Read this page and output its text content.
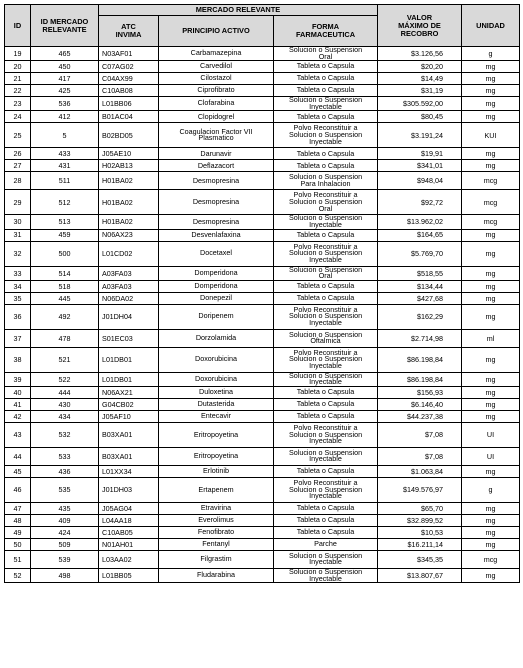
ID	ID MERCADO
RELEVANTE	MERCADO RELEVANTE			VALOR
MÁXIMO DE
RECOBRO	UNIDAD
		ATC
INVIMA	PRINCIPIO ACTIVO	FORMA
FARMACEUTICA		
19	465	N03AF01	Carbamazepina	Solucion o Suspension
Oral	$3.126,56	g
20	450	C07AG02	Carvedilol	Tableta o Capsula	$20,20	mg
21	417	C04AX99	Cilostazol	Tableta o Capsula	$14,49	mg
22	425	C10AB08	Ciprofibrato	Tableta o Capsula	$31,19	mg
23	536	L01BB06	Clofarabina	Solucion o Suspension
Inyectable	$305.592,00	mg
24	412	B01AC04	Clopidogrel	Tableta o Capsula	$80,45	mg
25	5	B02BD05	Coagulacion Factor VII
Plasmatico	Polvo Reconstituir a
Solucion o Suspension
Inyectable	$3.191,24	KUI
26	433	J05AE10	Darunavir	Tableta o Capsula	$19,91	mg
27	431	H02AB13	Deflazacort	Tableta o Capsula	$341,01	mg
28	511	H01BA02	Desmopresina	Solucion o Suspension
Para Inhalacion	$948,04	mcg
29	512	H01BA02	Desmopresina	Polvo Reconstituir a
Solucion o Suspension
Oral	$92,72	mcg
30	513	H01BA02	Desmopresina	Solucion o Suspension
Inyectable	$13.962,02	mcg
31	459	N06AX23	Desvenlafaxina	Tableta o Capsula	$164,65	mg
32	500	L01CD02	Docetaxel	Polvo Reconstituir a
Solucion o Suspension
Inyectable	$5.769,70	mg
33	514	A03FA03	Domperidona	Solucion o Suspension
Oral	$518,55	mg
34	518	A03FA03	Domperidona	Tableta o Capsula	$134,44	mg
35	445	N06DA02	Donepezil	Tableta o Capsula	$427,68	mg
36	492	J01DH04	Doripenem	Polvo Reconstituir a
Solucion o Suspension
Inyectable	$162,29	mg
37	478	S01EC03	Dorzolamida	Solucion o Suspension
Oftalmica	$2.714,98	ml
38	521	L01DB01	Doxorubicina	Polvo Reconstituir a
Solucion o Suspension
Inyectable	$86.198,84	mg
39	522	L01DB01	Doxorubicina	Solucion o Suspension
Inyectable	$86.198,84	mg
40	444	N06AX21	Duloxetina	Tableta o Capsula	$156,93	mg
41	430	G04CB02	Dutasterida	Tableta o Capsula	$6.146,40	mg
42	434	J05AF10	Entecavir	Tableta o Capsula	$44.237,38	mg
43	532	B03XA01	Eritropoyetina	Polvo Reconstituir a
Solucion o Suspension
Inyectable	$7,08	UI
44	533	B03XA01	Eritropoyetina	Solucion o Suspension
Inyectable	$7,08	UI
45	436	L01XX34	Erlotinib	Tableta o Capsula	$1.063,84	mg
46	535	J01DH03	Ertapenem	Polvo Reconstituir a
Solucion o Suspension
Inyectable	$149.576,97	g
47	435	J05AG04	Etravirina	Tableta o Capsula	$65,70	mg
48	409	L04AA18	Everolimus	Tableta o Capsula	$32.899,52	mg
49	424	C10AB05	Fenofibrato	Tableta o Capsula	$10,53	mg
50	509	N01AH01	Fentanyl	Parche	$16.211,14	mg
51	539	L03AA02	Filgrastim	Solucion o Suspension
Inyectable	$345,35	mcg
52	498	L01BB05	Fludarabina	Solucion o Suspension
Inyectable	$13.807,67	mg
